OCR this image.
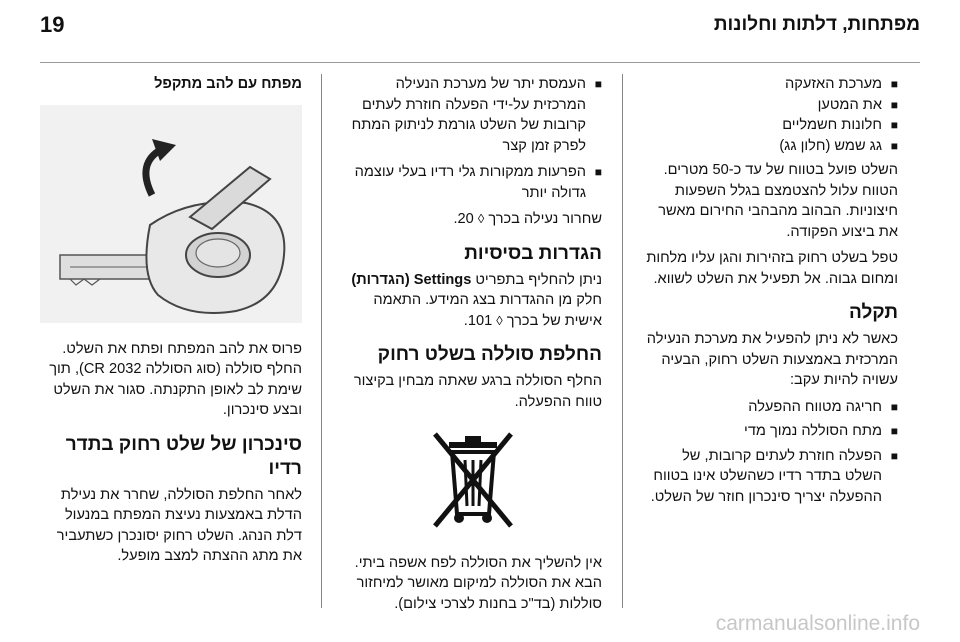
19	מפתחות, דלתות וחלונות

■ מערכת האזעקה

■ את המטען

■ חלונות חשמליים

■ גג שמש (חלון גג)

השלט פועל בטווח של עד כ-50 מטרים. הטווח עלול להצטמצם בגלל השפעות חיצוניות. הבהוב מהבהבי החירום מאשר את ביצוע הפקודה.

טפל בשלט רחוק בזהירות והגן עליו מלחות ומחום גבוה. אל תפעיל את השלט לשווא.

תקלה

כאשר לא ניתן להפעיל את מערכת הנעילה המרכזית באמצעות השלט רחוק, הבעיה עשויה להיות עקב:

■ חריגה מטווח ההפעלה

■ מתח הסוללה נמוך מדי

■ הפעלה חוזרת לעתים קרובות, של השלט בתדר רדיו כשהשלט אינו בטווח ההפעלה יצריך סינכרון חוזר של השלט.

■ העמסת יתר של מערכת הנעילה המרכזית על-ידי הפעלה חוזרת לעתים קרובות של השלט גורמת לניתוק המתח לפרק זמן קצר

■ הפרעות ממקורות גלי רדיו בעלי עוצמה גדולה יותר

שחרור נעילה בכרך ◊ 20.

הגדרות בסיסיות

ניתן להחליף בתפריט Settings (הגדרות) חלק מן ההגדרות בצג המידע. התאמה אישית של בכרך ◊ 101.

החלפת סוללה בשלט רחוק

החלף הסוללה ברגע שאתה מבחין בקיצור טווח ההפעלה.

אין להשליך את הסוללה לפח אשפה ביתי. הבא את הסוללה למיקום מאושר למיחזור סוללות (בד"כ בחנות לצרכי צילום).

מפתח עם להב מתקפל

פרוס את להב המפתח ופתח את השלט. החלף סוללה (סוג הסוללה CR 2032), תוך שימת לב לאופן התקנתה. סגור את השלט ובצע סינכרון.

סינכרון של שלט רחוק בתדר רדיו

לאחר החלפת הסוללה, שחרר את נעילת הדלת באמצעות נעיצת המפתח במנעול דלת הנהג. השלט רחוק יסונכרן כשתעביר את מתג ההצתה למצב מופעל.

carmanualsonline.info
